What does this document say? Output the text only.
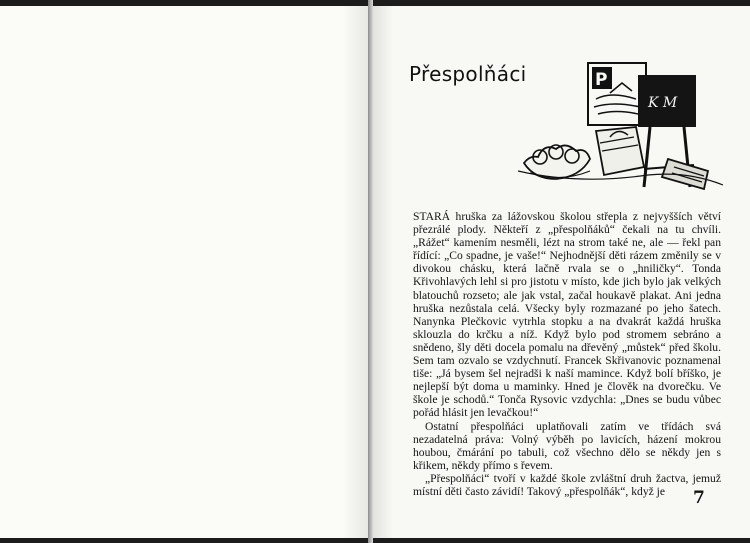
Přespolňáci	P
K M

STARÁ hruška za lážovskou školou střepla z nejvyšších větví přezrálé plody. Někteří z „přespolňáků“ čekali na tu chvíli. „Rážet“ kamením nesměli, lézt na strom také ne, ale — řekl pan řídící: „Co spadne, je vaše!“ Nejhodnější děti rázem změnily se v divokou chásku, která lačně rvala se o „hniličky“. Tonda Křivohlavých lehl si pro jistotu v místo, kde jich bylo jak velkých blatouchů rozseto; ale jak vstal, začal houkavě plakat. Ani jedna hruška nezůstala celá. Všecky byly rozmazané po jeho šatech. Nanynka Plečkovic vytrhla stopku a na dvakrát každá hruška sklouzla do krčku a níž. Když bylo pod stromem sebráno a snědeno, šly děti docela pomalu na dřevěný „můstek“ před školu. Sem tam ozvalo se vzdychnutí. Francek Skřivanovic poznamenal tiše: „Já bysem šel nejradši k naší mamince. Když bolí bříško, je nejlepší být doma u maminky. Hned je člověk na dvorečku. Ve škole je schodů.“ Tonča Rysovic vzdychla: „Dnes se budu vůbec pořád hlásit jen levačkou!“

Ostatní přespolňáci uplatňovali zatím ve třídách svá nezadatelná práva: Volný výběh po lavicích, házení mokrou houbou, čmárání po tabuli, což všechno dělo se někdy jen s křikem, někdy přímo s řevem.

„Přespolňáci“ tvoří v každé škole zvláštní druh žactva, jemuž místní děti často závidí! Takový „přespolňák“, když je	7
